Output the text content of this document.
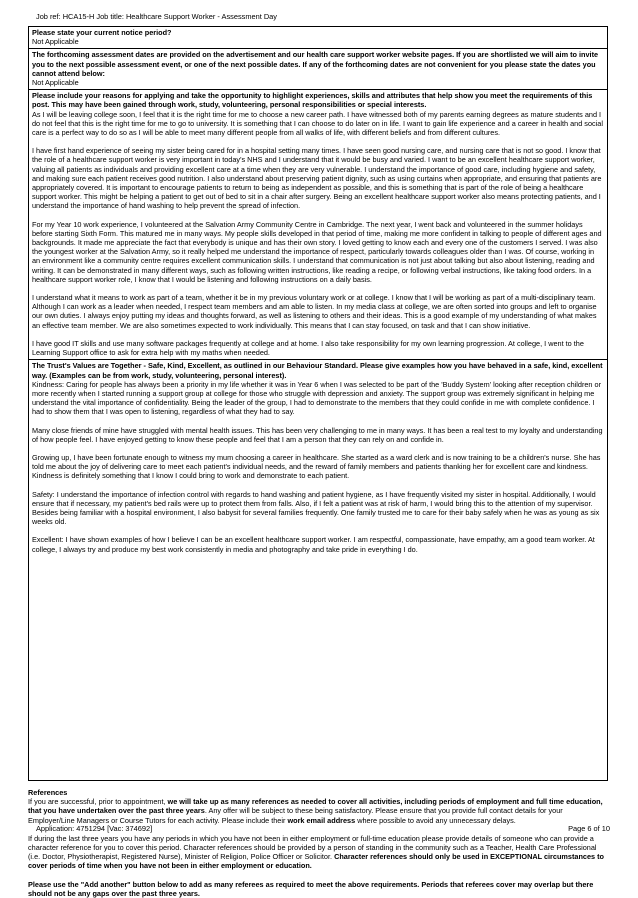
Job ref: HCA15-H Job title: Healthcare Support Worker - Assessment Day

Please state your current notice period?

Not Applicable

The forthcoming assessment dates are provided on the advertisement and our health care support worker website pages. If you are shortlisted we will aim to invite you to the next possible assessment event, or one of the next possible dates. If any of the forthcoming dates are not convenient for you please state the dates you cannot attend below:

Not Applicable

Please include your reasons for applying and take the opportunity to highlight experiences, skills and attributes that help show you meet the requirements of this post. This may have been gained through work, study, volunteering, personal responsibilities or special interests.

As I will be leaving college soon, I feel that it is the right time for me to choose a new career path. I have witnessed both of my parents earning degrees as mature students and I do not feel that this is the right time for me to go to university. It is something that I can choose to do later on in life. I want to gain life experience and a career in health and social care is a perfect way to do so as I will be able to meet many different people from all walks of life, with different beliefs and from different cultures.

I have first hand experience of seeing my sister being cared for in a hospital setting many times. I have seen good nursing care, and nursing care that is not so good. I know that the role of a healthcare support worker is very important in today's NHS and I understand that it would be busy and varied. I want to be an excellent healthcare support worker, valuing all patients as individuals and providing excellent care at a time when they are very vulnerable. I understand the importance of good care, including hygiene and safety, and making sure each patient receives good nutrition. I also understand about preserving patient dignity, such as using curtains when appropriate, and ensuring that patients are appropriately covered. It is important to encourage patients to return to being as independent as possible, and this is something that is part of the role of being a healthcare support worker. This might be helping a patient to get out of bed to sit in a chair after surgery. Being an excellent healthcare support worker also means protecting patients, and I understand the importance of hand washing to help prevent the spread of infection.

For my Year 10 work experience, I volunteered at the Salvation Army Community Centre in Cambridge. The next year, I went back and volunteered in the summer holidays before starting Sixth Form. This matured me in many ways. My people skills developed in that period of time, making me more confident in talking to people of different ages and backgrounds. It made me appreciate the fact that everybody is unique and has their own story. I loved getting to know each and every one of the customers I served. I was also the youngest worker at the Salvation Army, so it really helped me understand the importance of respect, particularly towards colleagues older than I was. Of course, working in an environment like a community centre requires excellent communication skills. I understand that communication is not just about talking but also about listening, reading and writing. It can be demonstrated in many different ways, such as following written instructions, like reading a recipe, or following verbal instructions, like taking food orders. In a healthcare support worker role, I know that I would be listening and following instructions on a daily basis.

I understand what it means to work as part of a team, whether it be in my previous voluntary work or at college. I know that I will be working as part of a multi-disciplinary team. Although I can work as a leader when needed, I respect team members and am able to listen. In my media class at college, we are often sorted into groups and left to organise our own duties. I always enjoy putting my ideas and thoughts forward, as well as listening to others and their ideas. This is a good example of my understanding of what makes an effective team member. We are also sometimes expected to work individually. This means that I can stay focused, on task and that I can show initiative.

I have good IT skills and use many software packages frequently at college and at home. I also take responsibility for my own learning progression. At college, I went to the Learning Support office to ask for extra help with my maths when needed.

The Trust's Values are Together - Safe, Kind, Excellent, as outlined in our Behaviour Standard. Please give examples how you have behaved in a safe, kind, excellent way. (Examples can be from work, study, volunteering, personal interest).

Kindness: Caring for people has always been a priority in my life whether it was in Year 6 when I was selected to be part of the 'Buddy System' looking after reception children or more recently when I started running a support group at college for those who struggle with depression and anxiety. The support group was extremely significant in helping me understand the vital importance of confidentiality. Being the leader of the group, I had to demonstrate to the members that they could confide in me with complete confidence. I had to show them that I was open to listening, regardless of what they had to say.

Many close friends of mine have struggled with mental health issues. This has been very challenging to me in many ways. It has been a real test to my loyalty and understanding of how people feel. I have enjoyed getting to know these people and feel that I am a person that they can rely on and confide in.

Growing up, I have been fortunate enough to witness my mum choosing a career in healthcare. She started as a ward clerk and is now training to be a children's nurse. She has told me about the joy of delivering care to meet each patient's individual needs, and the reward of family members and patients thanking her for excellent care and kindness. Kindness is definitely something that I know I could bring to work and demonstrate to each patient.

Safety: I understand the importance of infection control with regards to hand washing and patient hygiene, as I have frequently visited my sister in hospital. Additionally, I would ensure that if necessary, my patient's bed rails were up to protect them from falls. Also, if I felt a patient was at risk of harm, I would bring this to the attention of my supervisor. Besides being familiar with a hospital environment, I also babysit for several families frequently. One family trusted me to care for their baby safely when he was as young as six weeks old.

Excellent: I have shown examples of how I believe I can be an excellent healthcare support worker. I am respectful, compassionate, have empathy, am a good team worker. At college, I always try and produce my best work consistently in media and photography and take pride in everything I do.

References

If you are successful, prior to appointment, we will take up as many references as needed to cover all activities, including periods of employment and full time education, that you have undertaken over the past three years. Any offer will be subject to these being satisfactory. Please ensure that you provide full contact details for your Employer/Line Managers or Course Tutors for each activity. Please include their work email address where possible to avoid any unnecessary delays.

If during the last three years you have any periods in which you have not been in either employment or full-time education please provide details of someone who can provide a character reference for you to cover this period. Character references should be provided by a person of standing in the community such as a Teacher, Health Care Professional (i.e. Doctor, Physiotherapist, Registered Nurse), Minister of Religion, Police Officer or Solicitor. Character references should only be used in EXCEPTIONAL circumstances to cover periods of time when you have not been in either employment or education.

Please use the "Add another" button below to add as many referees as required to meet the above requirements. Periods that referees cover may overlap but there should not be any gaps over the past three years.

Application: 4751294 [Vac: 374692]	Page 6 of 10
